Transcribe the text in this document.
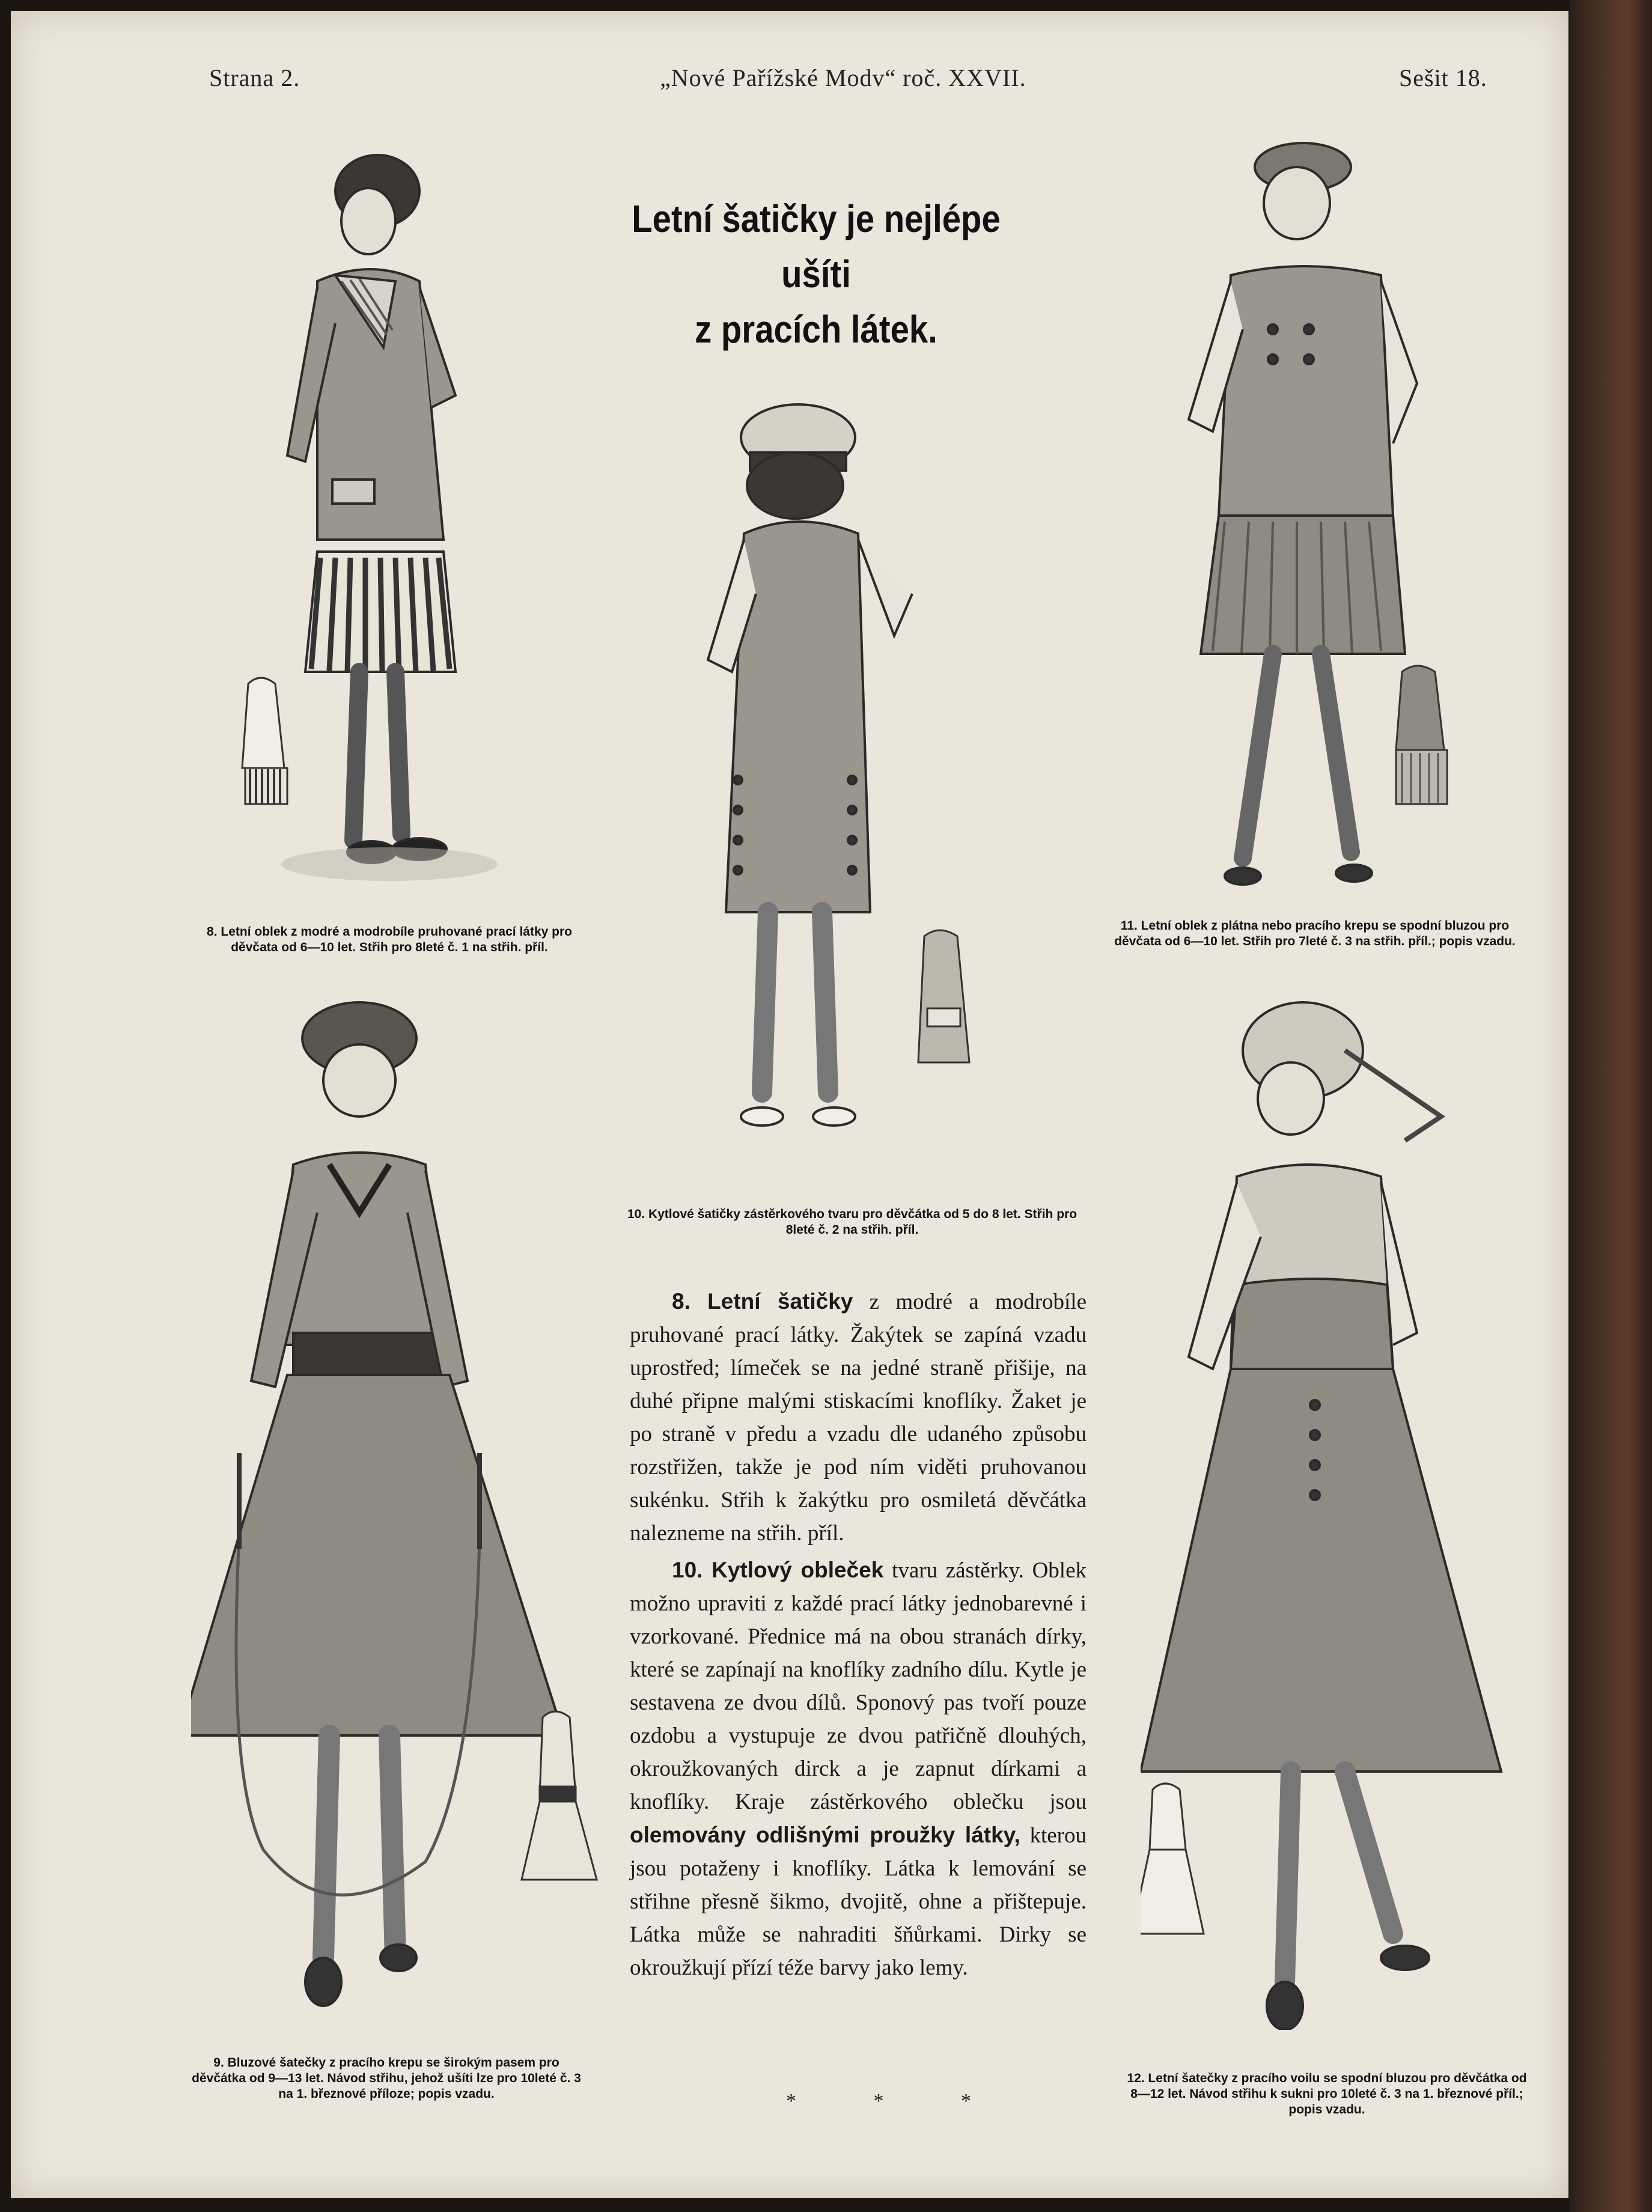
Strana 2.	„Nové Pařížské Modv“ roč. XXVII.	Sešit 18.
Letní šatičky je nejlépe ušíti
z pracích látek.
8. Letní oblek z modré a modrobíle pruhované prací látky pro děvčata od 6—10 let. Střih pro 8leté č. 1 na střih. příl.
10. Kytlové šatičky zástěrkového tvaru pro děvčátka od 5 do 8 let. Střih pro 8leté č. 2 na střih. příl.
11. Letní oblek z plátna nebo pracího krepu se spodní bluzou pro děvčata od 6—10 let. Střih pro 7leté č. 3 na střih. příl.; popis vzadu.
9. Bluzové šatečky z pracího krepu se širokým pasem pro děvčátka od 9—13 let. Návod střihu, jehož ušíti lze pro 10leté č. 3 na 1. březnové příloze; popis vzadu.
12. Letní šatečky z pracího voilu se spodní bluzou pro děvčátka od 8—12 let. Návod střihu k sukni pro 10leté č. 3 na 1. březnové příl.; popis vzadu.

8. Letní šatičky z modré a modrobíle pruhované prací látky. Žakýtek se zapíná vzadu uprostřed; límeček se na jedné straně přišije, na duhé připne malými stiskacími knoflíky. Žaket je po straně v předu a vzadu dle udaného způsobu rozstřižen, takže je pod ním viděti pruhovanou sukénku. Střih k žakýtku pro osmiletá děvčátka nalezneme na střih. příl.

10. Kytlový obleček tvaru zástěrky. Oblek možno upraviti z každé prací látky jednobarevné i vzorkované. Přednice má na obou stranách dírky, které se zapínají na knoflíky zadního dílu. Kytle je sestavena ze dvou dílů. Sponový pas tvoří pouze ozdobu a vystupuje ze dvou patřičně dlouhých, okroužkovaných dirck a je zapnut dírkami a knoflíky. Kraje zástěrkového oblečku jsou olemovány odlišnými proužky látky, kterou jsou potaženy i knoflíky. Látka k lemování se střihne přesně šikmo, dvojitě, ohne a přištepuje. Látka může se nahraditi šňůrkami. Dirky se okroužkují přízí téže barvy jako lemy.

* * *
